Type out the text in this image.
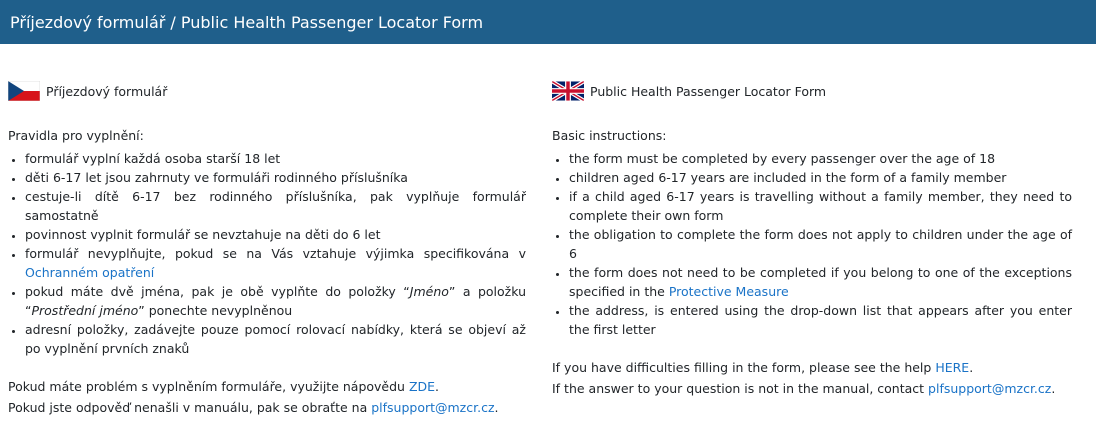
Příjezdový formulář / Public Health Passenger Locator Form
Příjezdový formulář
Pravidla pro vyplnění:
• formulář vyplní každá osoba starší 18 let
• děti 6-17 let jsou zahrnuty ve formuláři rodinného příslušníka
• cestuje-li dítě 6-17 bez rodinného příslušníka, pak vyplňuje formulář samostatně
• povinnost vyplnit formulář se nevztahuje na děti do 6 let
• formulář nevyplňujte, pokud se na Vás vztahuje výjimka specifikována v Ochranném opatření
• pokud máte dvě jména, pak je obě vyplňte do položky “Jméno” a položku “Prostřední jméno” ponechte nevyplněnou
• adresní položky, zadávejte pouze pomocí rolovací nabídky, která se objeví až po vyplnění prvních znaků

Pokud máte problém s vyplněním formuláře, využijte nápovědu ZDE.

Pokud jste odpověď nenašli v manuálu, pak se obraťte na plfsupport@mzcr.cz.

Public Health Passenger Locator Form
Basic instructions:
• the form must be completed by every passenger over the age of 18
• children aged 6-17 years are included in the form of a family member
• if a child aged 6-17 years is travelling without a family member, they need to complete their own form
• the obligation to complete the form does not apply to children under the age of 6
• the form does not need to be completed if you belong to one of the exceptions specified in the Protective Measure
• the address, is entered using the drop-down list that appears after you enter the first letter

If you have difficulties filling in the form, please see the help HERE.

If the answer to your question is not in the manual, contact plfsupport@mzcr.cz.
